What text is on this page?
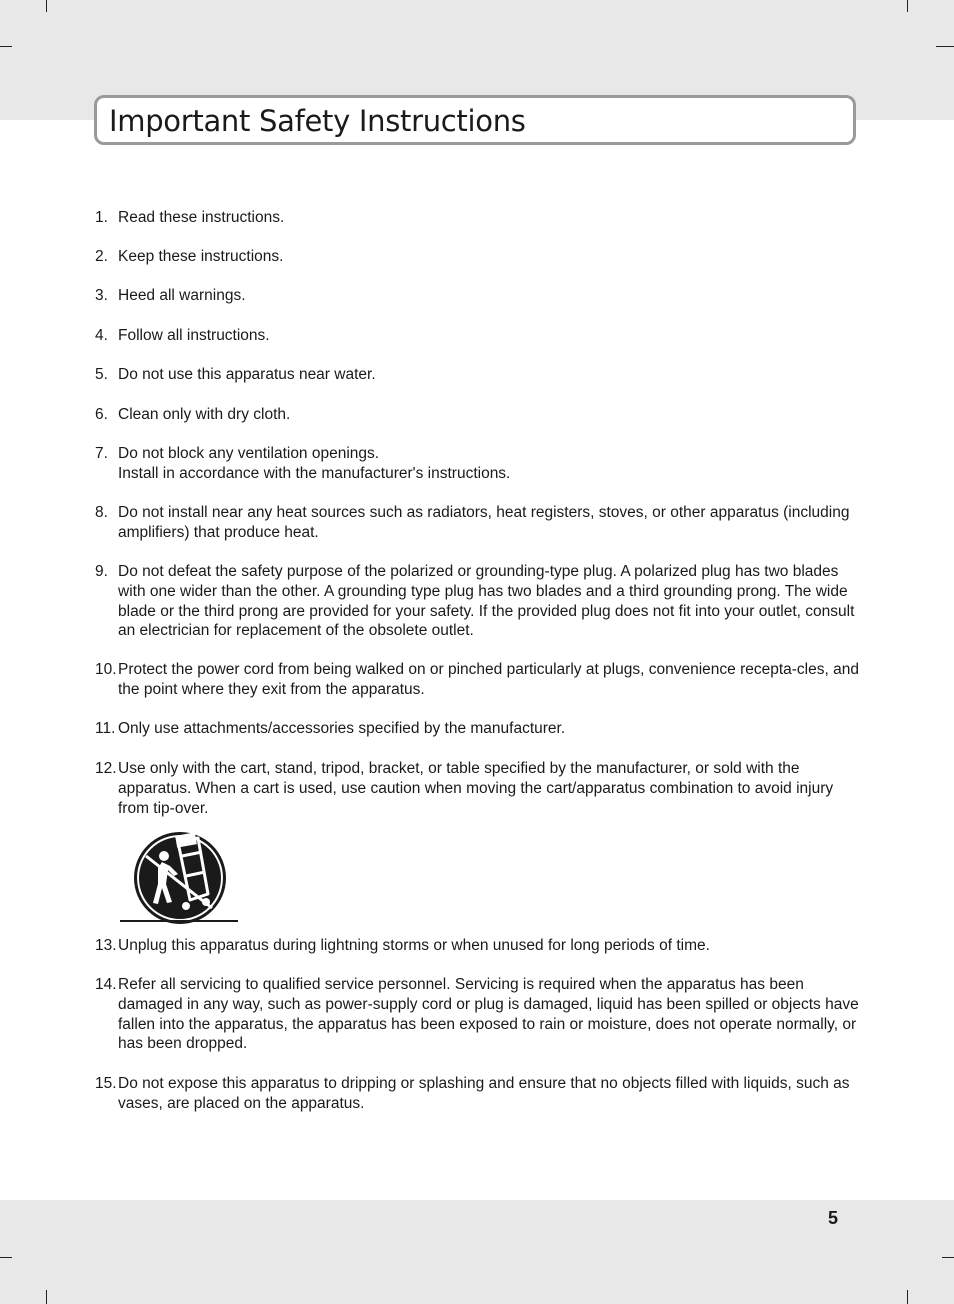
Important Safety Instructions
1. Read these instructions.
2. Keep these instructions.
3. Heed all warnings.
4. Follow all instructions.
5. Do not use this apparatus near water.
6. Clean only with dry cloth.
7. Do not block any ventilation openings.
Install in accordance with the manufacturer's instructions.
8. Do not install near any heat sources such as radiators, heat registers, stoves, or other apparatus (including amplifiers) that produce heat.
9. Do not defeat the safety purpose of the polarized or grounding-type plug. A polarized plug has two blades with one wider than the other. A grounding type plug has two blades and a third grounding prong. The wide blade or the third prong are provided for your safety. If the provided plug does not fit into your outlet, consult an electrician for replacement of the obsolete outlet.
10. Protect the power cord from being walked on or pinched particularly at plugs, convenience recepta-cles, and the point where they exit from the apparatus.
11. Only use attachments/accessories specified by the manufacturer.
12. Use only with the cart, stand, tripod, bracket, or table specified by the manufacturer, or sold with the apparatus. When a cart is used, use caution when moving the cart/apparatus combination to avoid injury from tip-over.
13. Unplug this apparatus during lightning storms or when unused for long periods of time.
14. Refer all servicing to qualified service personnel. Servicing is required when the apparatus has been damaged in any way, such as power-supply cord or plug is damaged, liquid has been spilled or objects have fallen into the apparatus, the apparatus has been exposed to rain or moisture, does not operate normally, or has been dropped.
15. Do not expose this apparatus to dripping or splashing and ensure that no objects filled with liquids, such as vases, are placed on the apparatus.
5
